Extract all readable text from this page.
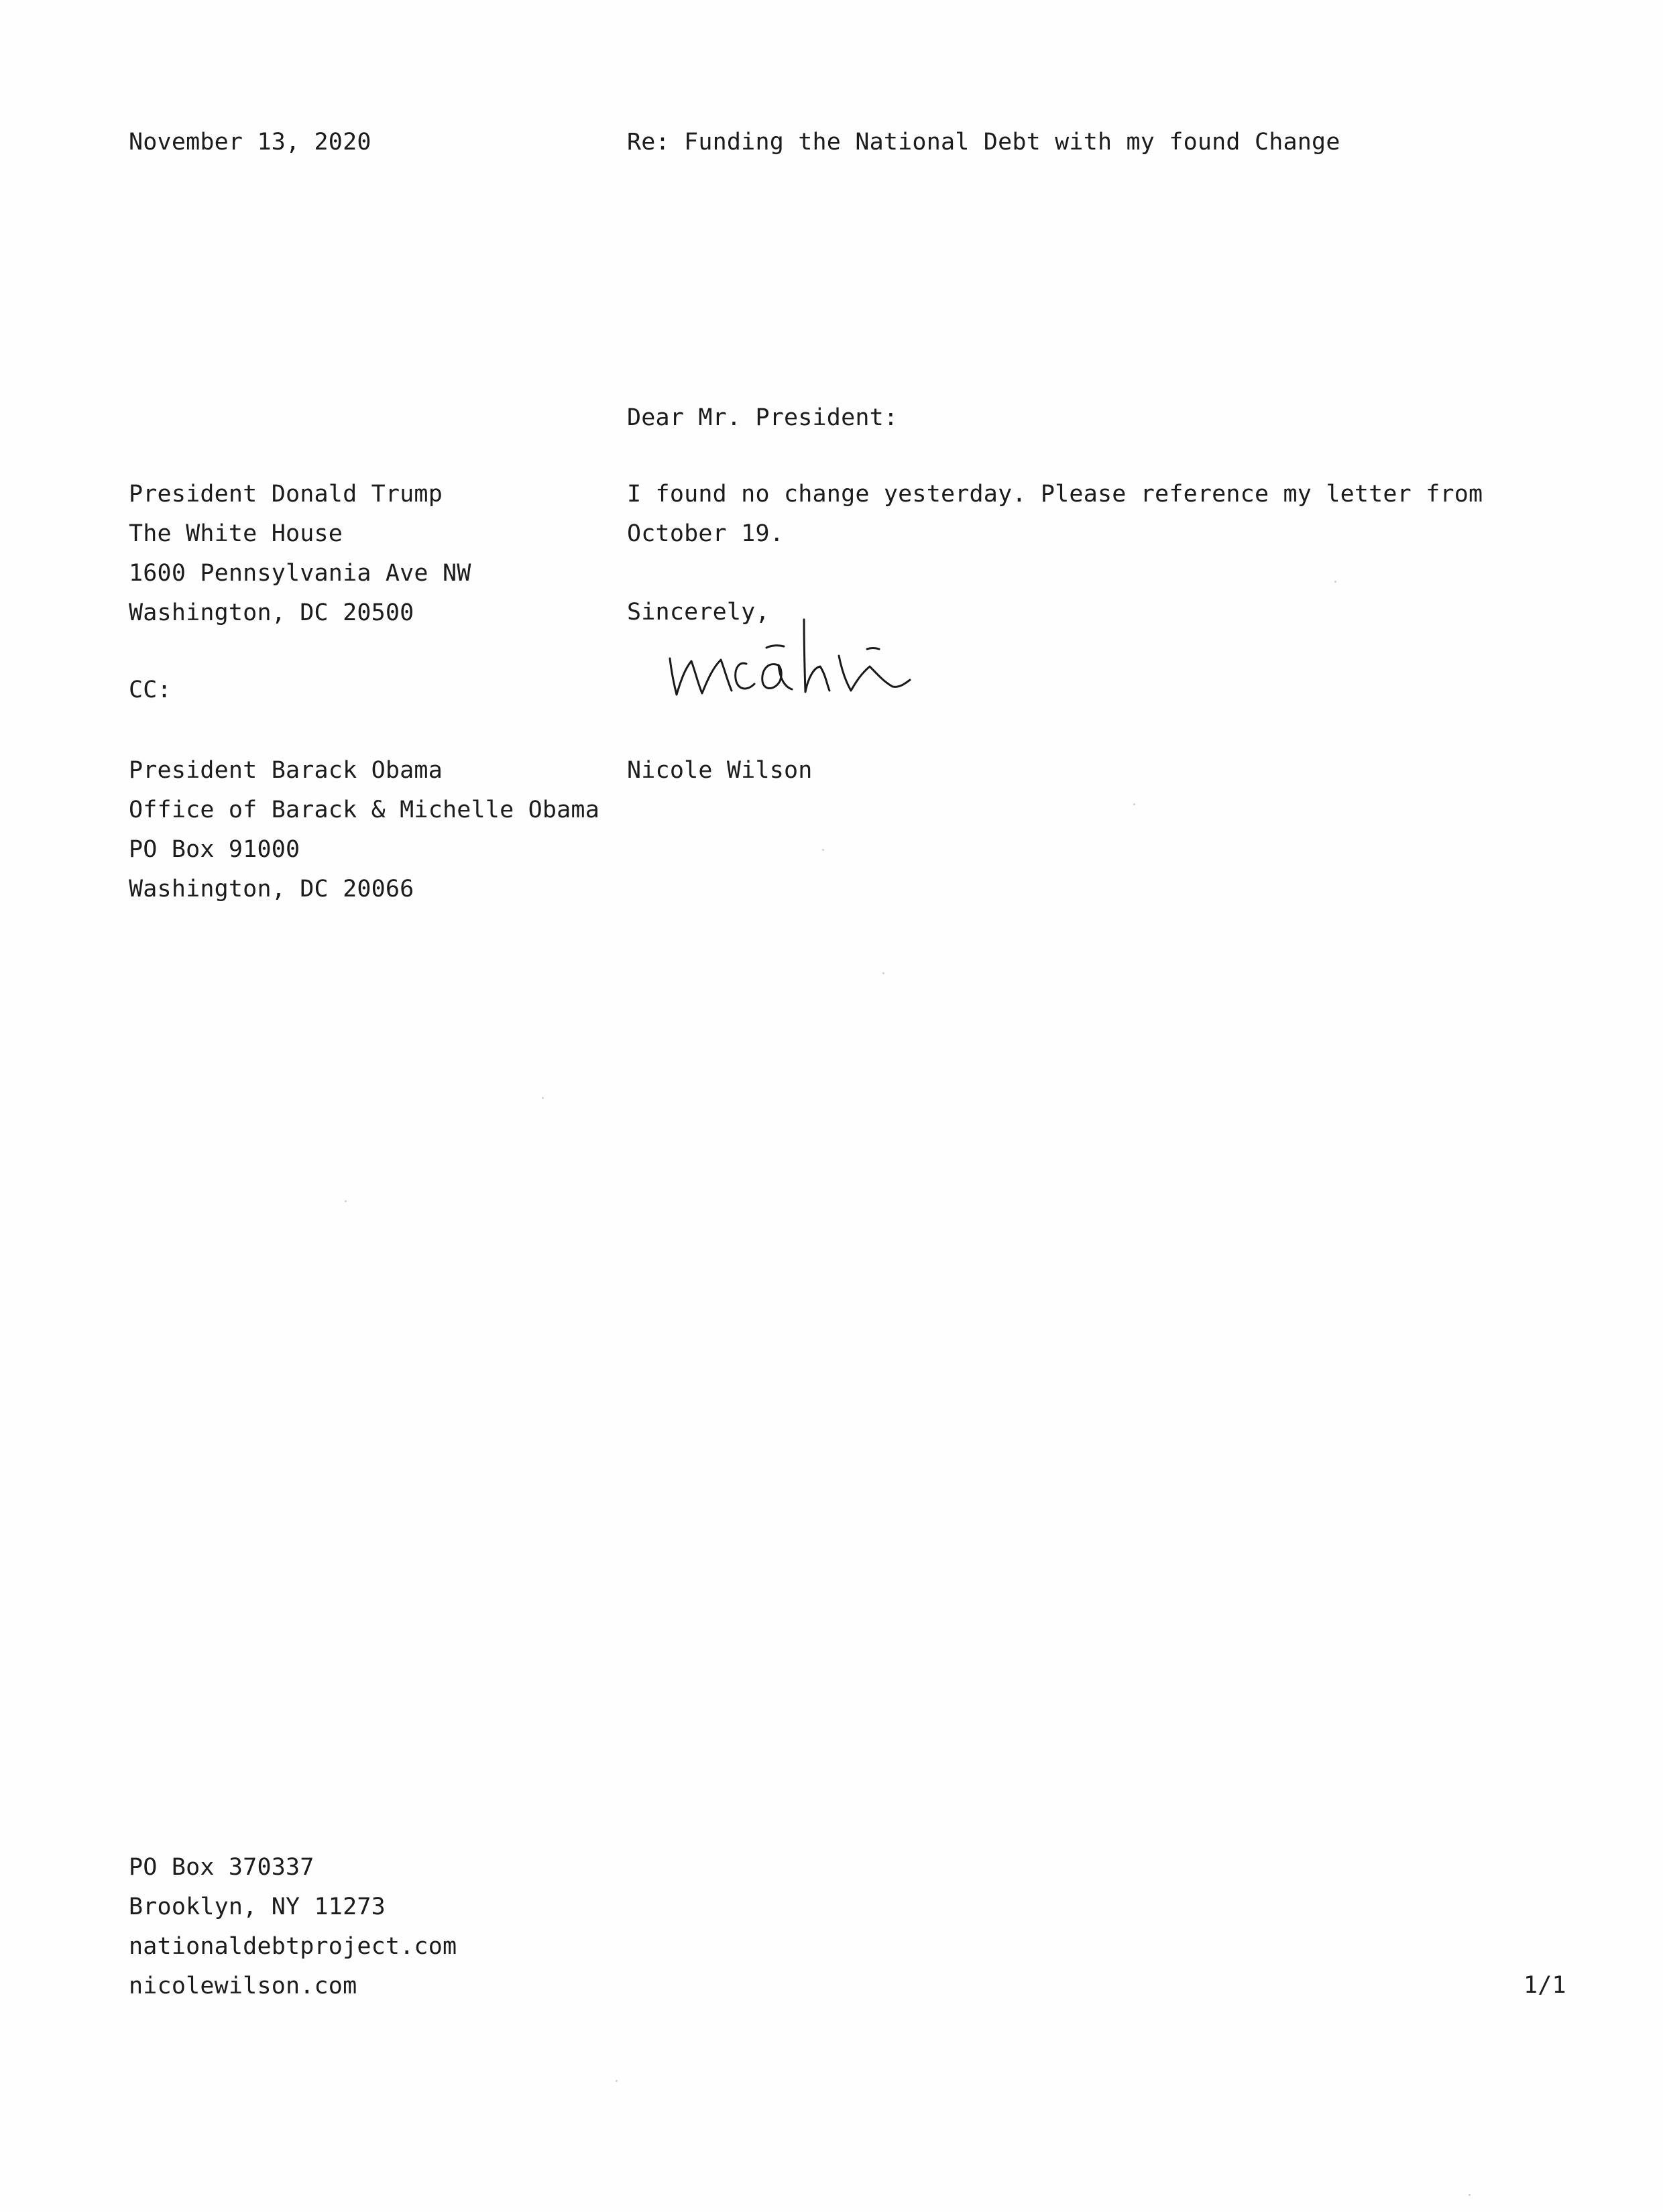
November 13, 2020	Re: Funding the National Debt with my found Change
Dear Mr. President:
President Donald Trump
The White House
1600 Pennsylvania Ave NW
Washington, DC 20500
I found no change yesterday. Please reference my letter from
October 19.
Sincerely,
CC:
President Barack Obama
Office of Barack & Michelle Obama
PO Box 91000
Washington, DC 20066
Nicole Wilson
PO Box 370337
Brooklyn, NY 11273
nationaldebtproject.com
nicolewilson.com	1/1
